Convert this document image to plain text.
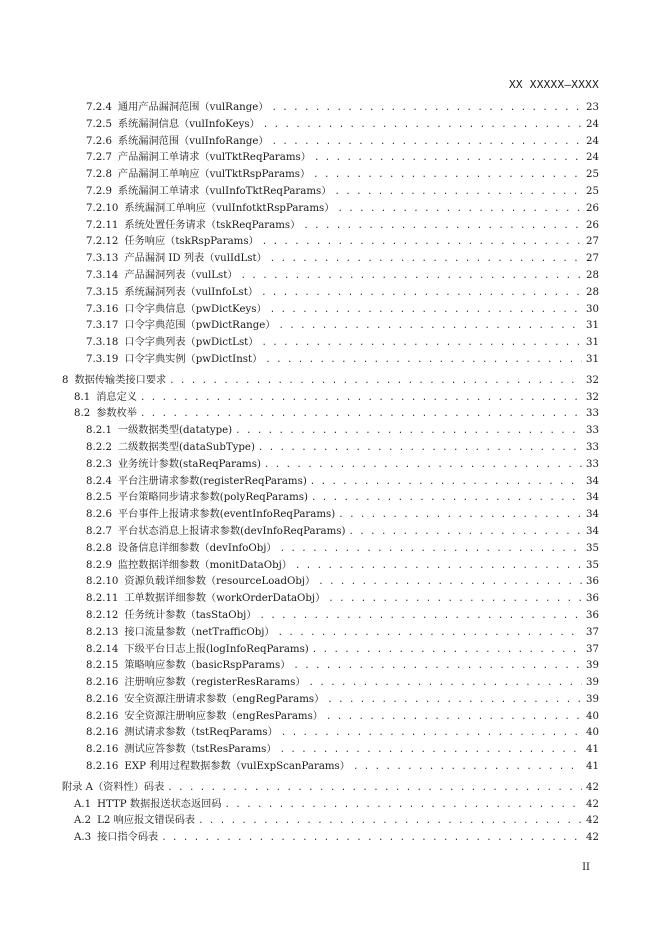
XX XXXXX—XXXX
7.2.4 通用产品漏洞范围（vulRange） . . .	23
7.2.5 系统漏洞信息（vulInfoKeys） . . .	24
7.2.6 系统漏洞范围（vulInfoRange） . . .	24
7.2.7 产品漏洞工单请求（vulTktReqParams） . . .	24
7.2.8 产品漏洞工单响应（vulTktRspParams） . . .	25
7.2.9 系统漏洞工单请求（vulInfoTktReqParams） . . .	25
7.2.10 系统漏洞工单响应（vulInfotktRspParams） . . .	26
7.2.11 系统处置任务请求（tskReqParams） . . .	26
7.2.12 任务响应（tskRspParams） . . .	27
7.3.13 产品漏洞 ID 列表（vulIdLst） . . .	27
7.3.14 产品漏洞列表（vulLst） . . .	28
7.3.15 系统漏洞列表（vulInfoLst） . . .	28
7.3.16 口令字典信息（pwDictKeys） . . .	30
7.3.17 口令字典范围（pwDictRange） . . .	31
7.3.18 口令字典列表（pwDictLst） . . .	31
7.3.19 口令字典实例（pwDictInst） . . .	31
8 数据传输类接口要求 . . .	32
8.1 消息定义 . . .	32
8.2 参数枚举 . . .	33
8.2.1 一级数据类型(datatype) . . .	33
8.2.2 二级数据类型(dataSubType) . . .	33
8.2.3 业务统计参数(staReqParams) . . .	33
8.2.4 平台注册请求参数(registerReqParams) . . .	34
8.2.5 平台策略同步请求参数(polyReqParams) . . .	34
8.2.6 平台事件上报请求参数(eventInfoReqParams) . . .	34
8.2.7 平台状态消息上报请求参数(devInfoReqParams) . . .	34
8.2.8 设备信息详细参数（devInfoObj） . . .	35
8.2.9 监控数据详细参数（monitDataObj） . . .	35
8.2.10 资源负载详细参数（resourceLoadObj） . . .	36
8.2.11 工单数据详细参数（workOrderDataObj） . . .	36
8.2.12 任务统计参数（tasStaObj） . . .	36
8.2.13 接口流量参数（netTrafficObj） . . .	37
8.2.14 下级平台日志上报(logInfoReqParams) . . .	37
8.2.15 策略响应参数（basicRspParams） . . .	39
8.2.16 注册响应参数（registerResRarams） . . .	39
8.2.16 安全资源注册请求参数（engRegParams） . . .	39
8.2.16 安全资源注册响应参数（engResParams） . . .	40
8.2.16 测试请求参数（tstReqParams） . . .	40
8.2.16 测试应答参数（tstResParams） . . .	41
8.2.16 EXP 利用过程数据参数（vulExpScanParams） . . .	41
附录 A（资料性）码表 . . .	42
A.1 HTTP 数据报送状态返回码 . . .	42
A.2 L2 响应报文错误码表 . . .	42
A.3 接口指令码表 . . .	42
II
